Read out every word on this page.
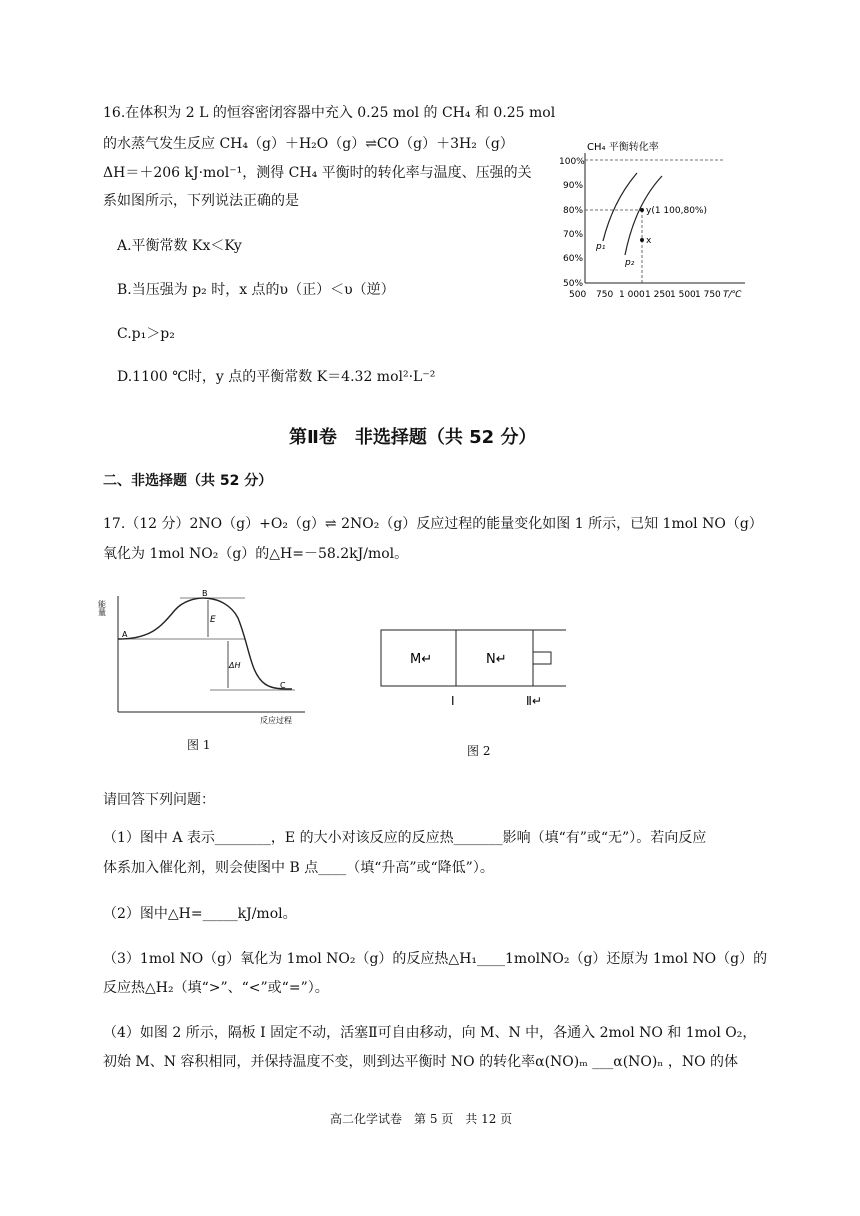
16.在体积为 2 L 的恒容密闭容器中充入 0.25 mol 的 CH₄ 和 0.25 mol
的水蒸气发生反应 CH₄（g）＋H₂O（g）⇌CO（g）＋3H₂（g）
ΔH＝＋206 kJ·mol⁻¹，测得 CH₄ 平衡时的转化率与温度、压强的关
系如图所示，下列说法正确的是
A.平衡常数 Kx＜Ky
B.当压强为 p₂ 时，x 点的υ（正）＜υ（逆）
C.p₁＞p₂
D.1100 ℃时，y 点的平衡常数 K＝4.32 mol²·L⁻²
CH₄ 平衡转化率
100%
90%
80%
70%
60%
50%
500 750 1 000 1 250 1 500 1 750 T/℃
y(1 100,80%)
x
p₁
p₂
第Ⅱ卷　非选择题（共 52 分）
二、非选择题（共 52 分）
17.（12 分）2NO（g）+O₂（g）⇌ 2NO₂（g）反应过程的能量变化如图 1 所示，已知 1mol NO（g）
氧化为 1mol NO₂（g）的△H=－58.2kJ/mol。
能量
反应过程
A
B
C
E
ΔH
图 1
M↵	N↵
I	Ⅱ↵
图 2
请回答下列问题：
（1）图中 A 表示________，E 的大小对该反应的反应热_______影响（填“有”或“无”）。若向反应
体系加入催化剂，则会使图中 B 点____（填“升高”或“降低”）。
（2）图中△H=_____kJ/mol。
（3）1mol NO（g）氧化为 1mol NO₂（g）的反应热△H₁____1molNO₂（g）还原为 1mol NO（g）的
反应热△H₂（填“>”、“<”或“=”）。
（4）如图 2 所示，隔板 I 固定不动，活塞Ⅱ可自由移动，向 M、N 中，各通入 2mol NO 和 1mol O₂，
初始 M、N 容积相同，并保持温度不变，则到达平衡时 NO 的转化率α(NO)ₘ ___α(NO)ₙ ，NO 的体
高二化学试卷　第 5 页　共 12 页
